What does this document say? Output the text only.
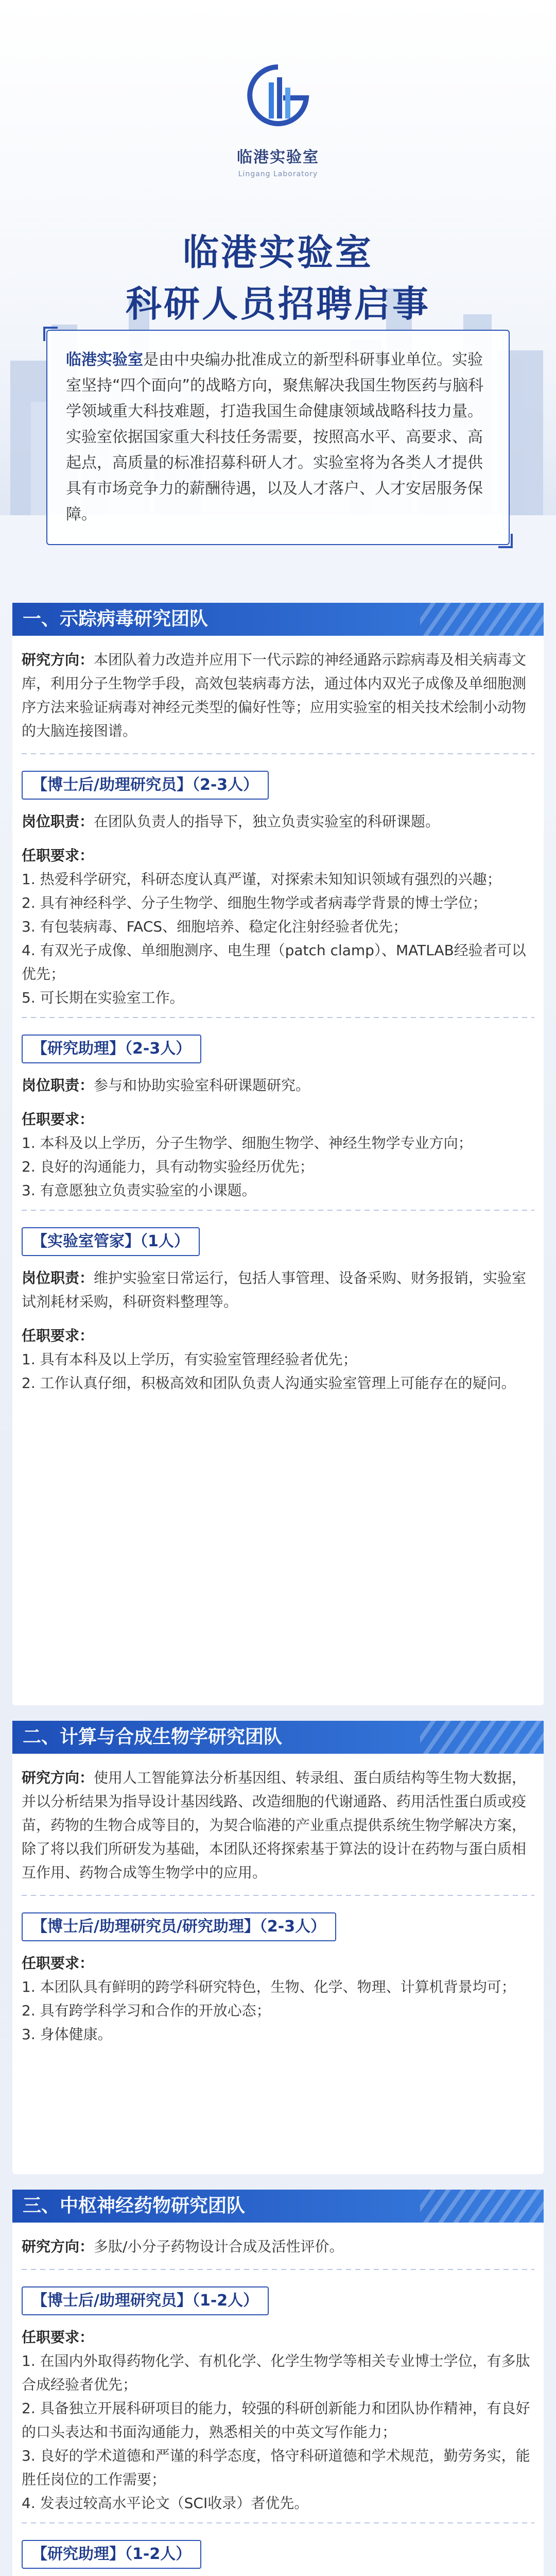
临港实验室
Lingang Laboratory
临港实验室
科研人员招聘启事
临港实验室是由中央编办批准成立的新型科研事业单位。实验室坚持“四个面向”的战略方向，聚焦解决我国生物医药与脑科学领域重大科技难题，打造我国生命健康领域战略科技力量。实验室依据国家重大科技任务需要，按照高水平、高要求、高起点，高质量的标准招募科研人才。实验室将为各类人才提供具有市场竞争力的薪酬待遇，以及人才落户、人才安居服务保障。
一、示踪病毒研究团队
研究方向：本团队着力改造并应用下一代示踪的神经通路示踪病毒及相关病毒文库，利用分子生物学手段，高效包装病毒方法，通过体内双光子成像及单细胞测序方法来验证病毒对神经元类型的偏好性等；应用实验室的相关技术绘制小动物的大脑连接图谱。
【博士后/助理研究员】（2-3人）
岗位职责：在团队负责人的指导下，独立负责实验室的科研课题。
任职要求：
1. 热爱科学研究，科研态度认真严谨，对探索未知知识领域有强烈的兴趣；
2. 具有神经科学、分子生物学、细胞生物学或者病毒学背景的博士学位；
3. 有包装病毒、FACS、细胞培养、稳定化注射经验者优先；
4. 有双光子成像、单细胞测序、电生理（patch clamp）、MATLAB经验者可以优先；
5. 可长期在实验室工作。
【研究助理】（2-3人）
岗位职责：参与和协助实验室科研课题研究。
任职要求：
1. 本科及以上学历，分子生物学、细胞生物学、神经生物学专业方向；
2. 良好的沟通能力，具有动物实验经历优先；
3. 有意愿独立负责实验室的小课题。
【实验室管家】（1人）
岗位职责：维护实验室日常运行，包括人事管理、设备采购、财务报销，实验室试剂耗材采购，科研资料整理等。
任职要求：
1. 具有本科及以上学历，有实验室管理经验者优先；
2. 工作认真仔细，积极高效和团队负责人沟通实验室管理上可能存在的疑问。
二、计算与合成生物学研究团队
研究方向：使用人工智能算法分析基因组、转录组、蛋白质结构等生物大数据，并以分析结果为指导设计基因线路、改造细胞的代谢通路、药用活性蛋白质或疫苗，药物的生物合成等目的，为契合临港的产业重点提供系统生物学解决方案，除了将以我们所研发为基础，本团队还将探索基于算法的设计在药物与蛋白质相互作用、药物合成等生物学中的应用。
【博士后/助理研究员/研究助理】（2-3人）
任职要求：
1. 本团队具有鲜明的跨学科研究特色，生物、化学、物理、计算机背景均可；
2. 具有跨学科学习和合作的开放心态；
3. 身体健康。
三、中枢神经药物研究团队
研究方向：多肽/小分子药物设计合成及活性评价。
【博士后/助理研究员】（1-2人）
任职要求：
1. 在国内外取得药物化学、有机化学、化学生物学等相关专业博士学位，有多肽合成经验者优先；
2. 具备独立开展科研项目的能力，较强的科研创新能力和团队协作精神，有良好的口头表达和书面沟通能力，熟悉相关的中英文写作能力；
3. 良好的学术道德和严谨的科学态度，恪守科研道德和学术规范，勤劳务实，能胜任岗位的工作需要；
4. 发表过较高水平论文（SCI收录）者优先。
【研究助理】（1-2人）
